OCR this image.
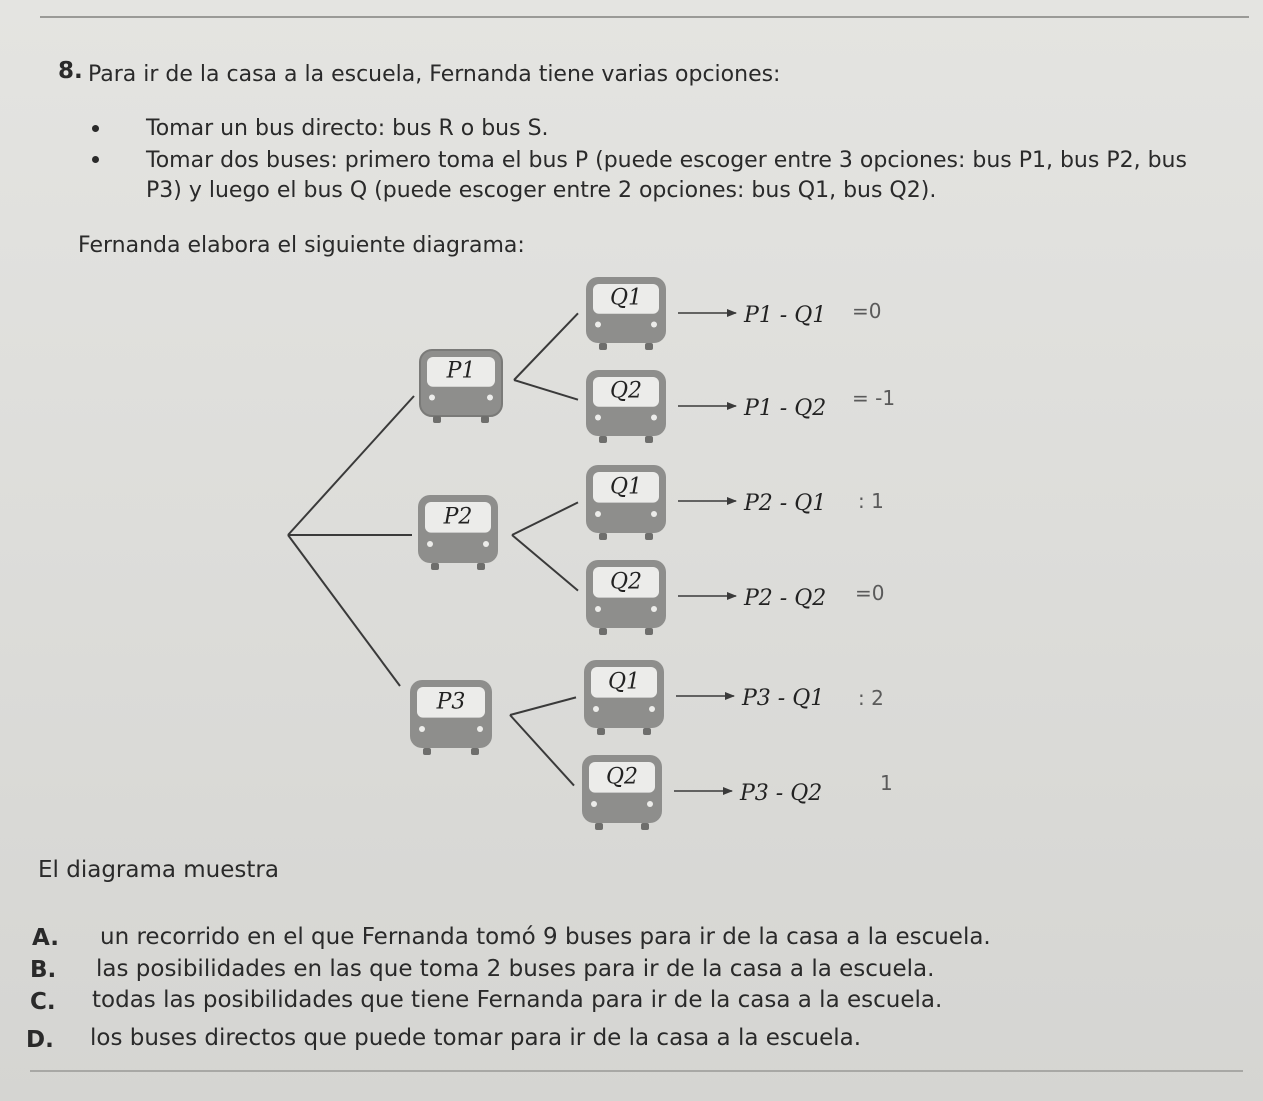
8. Para ir de la casa a la escuela, Fernanda tiene varias opciones:
Tomar un bus directo: bus R o bus S.
Tomar dos buses: primero toma el bus P (puede escoger entre 3 opciones: bus P1, bus P2, bus
P3) y luego el bus Q (puede escoger entre 2 opciones: bus Q1, bus Q2).
Fernanda elabora el siguiente diagrama:
P1
P2
P3
Q1
P1 - Q1 =0
Q2
P1 - Q2 = -1
Q1
P2 - Q1 : 1
Q2
P2 - Q2 =0
Q1
P3 - Q1 : 2
Q2
P3 - Q2	1
El diagrama muestra
A. un recorrido en el que Fernanda tomó 9 buses para ir de la casa a la escuela.
B. las posibilidades en las que toma 2 buses para ir de la casa a la escuela.
C. todas las posibilidades que tiene Fernanda para ir de la casa a la escuela.
D. los buses directos que puede tomar para ir de la casa a la escuela.
